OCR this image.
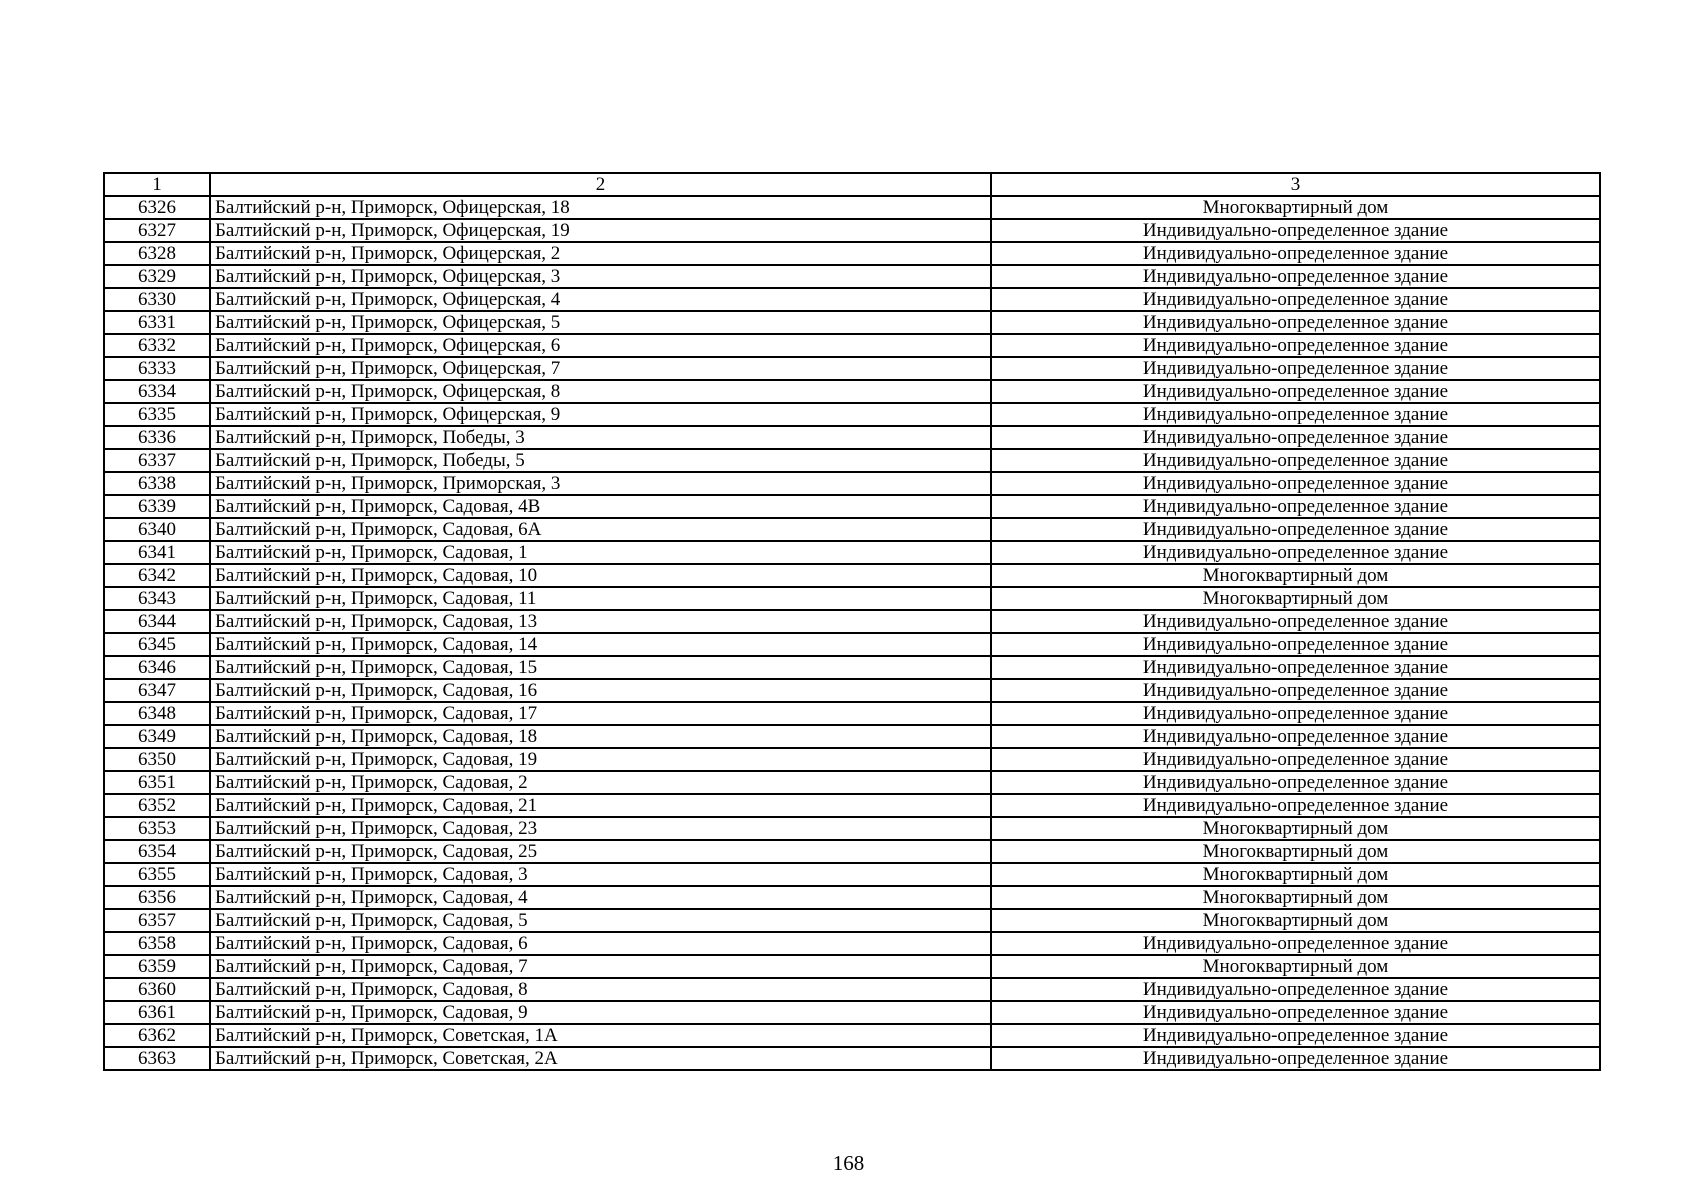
1	2	3
6326	Балтийский р-н, Приморск, Офицерская, 18	Многоквартирный дом
6327	Балтийский р-н, Приморск, Офицерская, 19	Индивидуально-определенное здание
6328	Балтийский р-н, Приморск, Офицерская, 2	Индивидуально-определенное здание
6329	Балтийский р-н, Приморск, Офицерская, 3	Индивидуально-определенное здание
6330	Балтийский р-н, Приморск, Офицерская, 4	Индивидуально-определенное здание
6331	Балтийский р-н, Приморск, Офицерская, 5	Индивидуально-определенное здание
6332	Балтийский р-н, Приморск, Офицерская, 6	Индивидуально-определенное здание
6333	Балтийский р-н, Приморск, Офицерская, 7	Индивидуально-определенное здание
6334	Балтийский р-н, Приморск, Офицерская, 8	Индивидуально-определенное здание
6335	Балтийский р-н, Приморск, Офицерская, 9	Индивидуально-определенное здание
6336	Балтийский р-н, Приморск, Победы, 3	Индивидуально-определенное здание
6337	Балтийский р-н, Приморск, Победы, 5	Индивидуально-определенное здание
6338	Балтийский р-н, Приморск, Приморская, 3	Индивидуально-определенное здание
6339	Балтийский р-н, Приморск, Садовая, 4В	Индивидуально-определенное здание
6340	Балтийский р-н, Приморск, Садовая, 6А	Индивидуально-определенное здание
6341	Балтийский р-н, Приморск, Садовая, 1	Индивидуально-определенное здание
6342	Балтийский р-н, Приморск, Садовая, 10	Многоквартирный дом
6343	Балтийский р-н, Приморск, Садовая, 11	Многоквартирный дом
6344	Балтийский р-н, Приморск, Садовая, 13	Индивидуально-определенное здание
6345	Балтийский р-н, Приморск, Садовая, 14	Индивидуально-определенное здание
6346	Балтийский р-н, Приморск, Садовая, 15	Индивидуально-определенное здание
6347	Балтийский р-н, Приморск, Садовая, 16	Индивидуально-определенное здание
6348	Балтийский р-н, Приморск, Садовая, 17	Индивидуально-определенное здание
6349	Балтийский р-н, Приморск, Садовая, 18	Индивидуально-определенное здание
6350	Балтийский р-н, Приморск, Садовая, 19	Индивидуально-определенное здание
6351	Балтийский р-н, Приморск, Садовая, 2	Индивидуально-определенное здание
6352	Балтийский р-н, Приморск, Садовая, 21	Индивидуально-определенное здание
6353	Балтийский р-н, Приморск, Садовая, 23	Многоквартирный дом
6354	Балтийский р-н, Приморск, Садовая, 25	Многоквартирный дом
6355	Балтийский р-н, Приморск, Садовая, 3	Многоквартирный дом
6356	Балтийский р-н, Приморск, Садовая, 4	Многоквартирный дом
6357	Балтийский р-н, Приморск, Садовая, 5	Многоквартирный дом
6358	Балтийский р-н, Приморск, Садовая, 6	Индивидуально-определенное здание
6359	Балтийский р-н, Приморск, Садовая, 7	Многоквартирный дом
6360	Балтийский р-н, Приморск, Садовая, 8	Индивидуально-определенное здание
6361	Балтийский р-н, Приморск, Садовая, 9	Индивидуально-определенное здание
6362	Балтийский р-н, Приморск, Советская, 1А	Индивидуально-определенное здание
6363	Балтийский р-н, Приморск, Советская, 2А	Индивидуально-определенное здание
168
